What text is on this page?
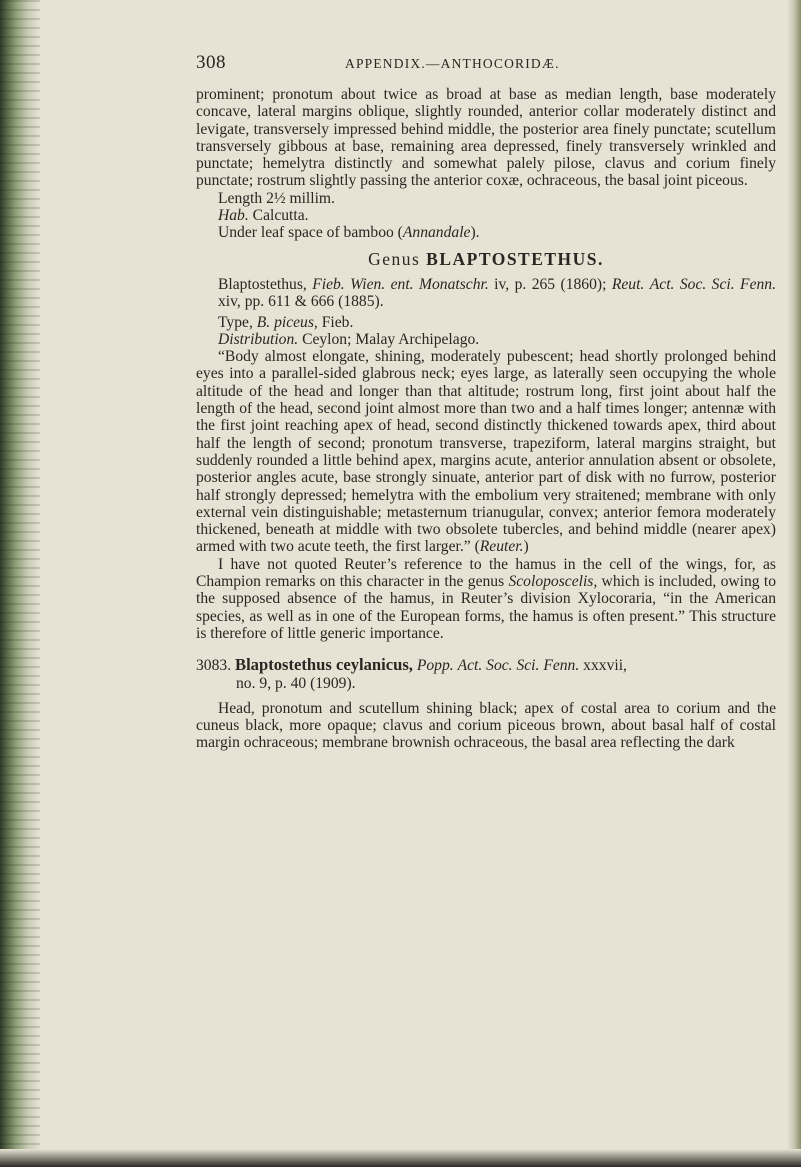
308	APPENDIX.—ANTHOCORIDÆ.

prominent; pronotum about twice as broad at base as median length, base moderately concave, lateral margins oblique, slightly rounded, anterior collar moderately distinct and levigate, transversely impressed behind middle, the posterior area finely punctate; scutellum transversely gibbous at base, remaining area depressed, finely transversely wrinkled and punctate; hemelytra distinctly and somewhat palely pilose, clavus and corium finely punctate; rostrum slightly passing the anterior coxæ, ochraceous, the basal joint piceous.

Length 2½ millim.

Hab. Calcutta.

Under leaf space of bamboo (Annandale).

Genus BLAPTOSTETHUS.

Blaptostethus, Fieb. Wien. ent. Monatschr. iv, p. 265 (1860); Reut. Act. Soc. Sci. Fenn. xiv, pp. 611 & 666 (1885).

Type, B. piceus, Fieb.

Distribution. Ceylon; Malay Archipelago.

“Body almost elongate, shining, moderately pubescent; head shortly prolonged behind eyes into a parallel-sided glabrous neck; eyes large, as laterally seen occupying the whole altitude of the head and longer than that altitude; rostrum long, first joint about half the length of the head, second joint almost more than two and a half times longer; antennæ with the first joint reaching apex of head, second distinctly thickened towards apex, third about half the length of second; pronotum transverse, trapeziform, lateral margins straight, but suddenly rounded a little behind apex, margins acute, anterior annulation absent or obsolete, posterior angles acute, base strongly sinuate, anterior part of disk with no furrow, posterior half strongly depressed; hemelytra with the embolium very straitened; membrane with only external vein distinguishable; metasternum trianugular, convex; anterior femora moderately thickened, beneath at middle with two obsolete tubercles, and behind middle (nearer apex) armed with two acute teeth, the first larger.” (Reuter.)

I have not quoted Reuter’s reference to the hamus in the cell of the wings, for, as Champion remarks on this character in the genus Scoloposcelis, which is included, owing to the supposed absence of the hamus, in Reuter’s division Xylocoraria, “in the American species, as well as in one of the European forms, the hamus is often present.” This structure is therefore of little generic importance.

3083. Blaptostethus ceylanicus, Popp. Act. Soc. Sci. Fenn. xxxvii,

no. 9, p. 40 (1909).

Head, pronotum and scutellum shining black; apex of costal area to corium and the cuneus black, more opaque; clavus and corium piceous brown, about basal half of costal margin ochraceous; membrane brownish ochraceous, the basal area reflecting the dark
